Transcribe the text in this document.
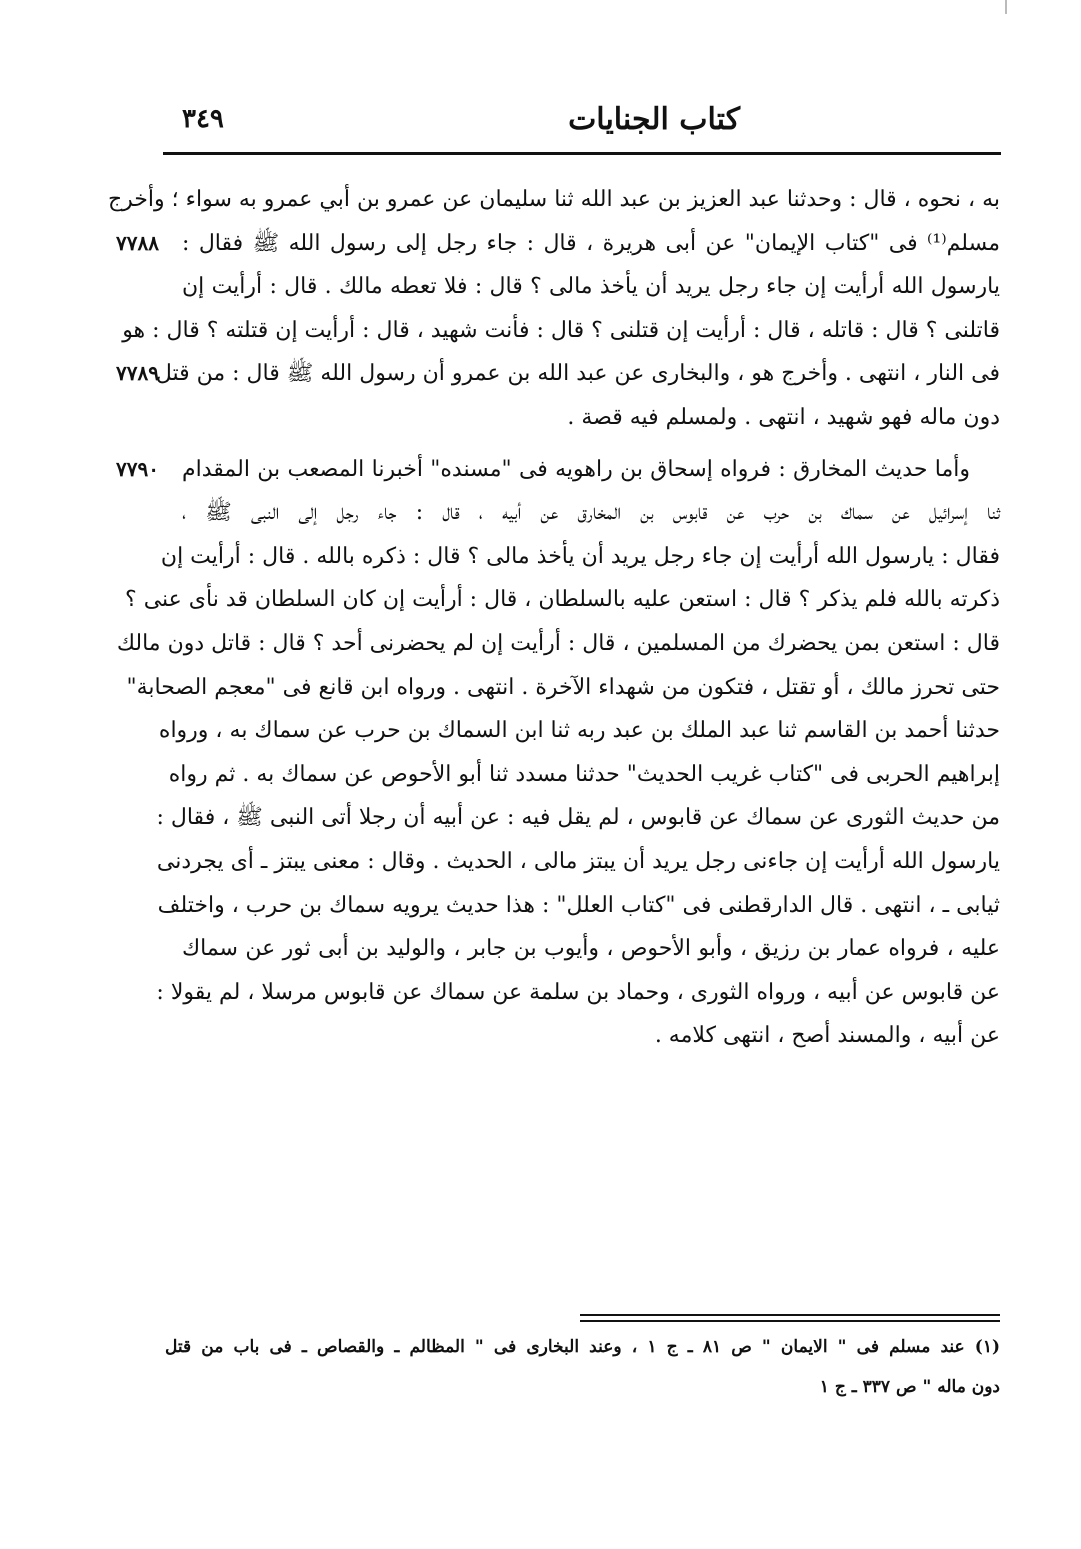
كتاب الجنايات
٣٤٩
به ، نحوه ، قال : وحدثنا عبد العزيز بن عبد الله ثنا سليمان عن عمرو بن أبي عمرو به سواء ؛ وأخرج
مسلم⁽¹⁾ فى "كتاب الإيمان" عن أبى هريرة ، قال : جاء رجل إلى رسول الله ﷺ فقال :
٧٧٨٨
يارسول الله أرأيت إن جاء رجل يريد أن يأخذ مالى ؟ قال : فلا تعطه مالك . قال : أرأيت إن
قاتلنى ؟ قال : قاتله ، قال : أرأيت إن قتلنى ؟ قال : فأنت شهيد ، قال : أرأيت إن قتلته ؟ قال : هو
فى النار ، انتهى . وأخرج هو ، والبخارى عن عبد الله بن عمرو أن رسول الله ﷺ قال : من قتل
٧٧٨٩
دون ماله فهو شهيد ، انتهى . ولمسلم فيه قصة .
وأما حديث المخارق : فرواه إسحاق بن راهويه فى "مسنده" أخبرنا المصعب بن المقدام
٧٧٩٠
ثنا إسرائيل عن سماك بن حرب عن قابوس بن المخارق عن أبيه ، قال : جاء رجل إلى النبى ﷺ ،
فقال : يارسول الله أرأيت إن جاء رجل يريد أن يأخذ مالى ؟ قال : ذكره بالله . قال : أرأيت إن
ذكرته بالله فلم يذكر ؟ قال : استعن عليه بالسلطان ، قال : أرأيت إن كان السلطان قد نأى عنى ؟
قال : استعن بمن يحضرك من المسلمين ، قال : أرأيت إن لم يحضرنى أحد ؟ قال : قاتل دون مالك
حتى تحرز مالك ، أو تقتل ، فتكون من شهداء الآخرة . انتهى . ورواه ابن قانع فى "معجم الصحابة"
حدثنا أحمد بن القاسم ثنا عبد الملك بن عبد ربه ثنا ابن السماك بن حرب عن سماك به ، ورواه
إبراهيم الحربى فى "كتاب غريب الحديث" حدثنا مسدد ثنا أبو الأحوص عن سماك به . ثم رواه
من حديث الثورى عن سماك عن قابوس ، لم يقل فيه : عن أبيه أن رجلا أتى النبى ﷺ ، فقال :
يارسول الله أرأيت إن جاءنى رجل يريد أن يبتز مالى ، الحديث . وقال : معنى يبتز ـ أى يجردنى
ثيابى ـ ، انتهى . قال الدارقطنى فى "كتاب العلل" : هذا حديث يرويه سماك بن حرب ، واختلف
عليه ، فرواه عمار بن رزيق ، وأبو الأحوص ، وأيوب بن جابر ، والوليد بن أبى ثور عن سماك
عن قابوس عن أبيه ، ورواه الثورى ، وحماد بن سلمة عن سماك عن قابوس مرسلا ، لم يقولا :
عن أبيه ، والمسند أصح ، انتهى كلامه .
(١) عند مسلم فى " الايمان " ص ٨١ ـ ج ١ ، وعند البخارى فى " المظالم ـ والقصاص ـ فى باب من قتل
دون ماله " ص ٣٣٧ ـ ج ١
